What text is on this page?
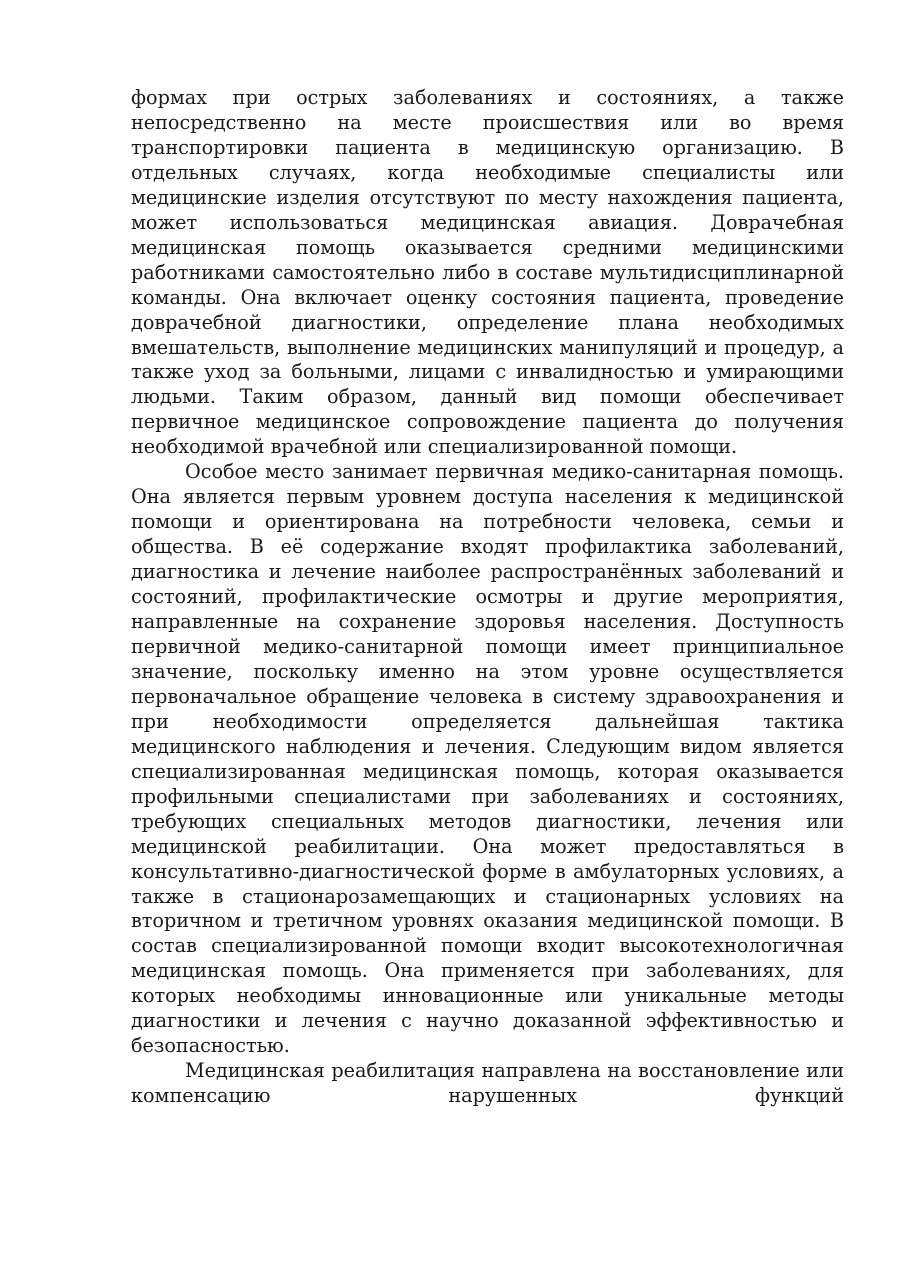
формах при острых заболеваниях и состояниях, а также непосредственно на месте происшествия или во время транспортировки пациента в медицинскую организацию. В отдельных случаях, когда необходимые специалисты или медицинские изделия отсутствуют по месту нахождения пациента, может использоваться медицинская авиация. Доврачебная медицинская помощь оказывается средними медицинскими работниками самостоятельно либо в составе мультидисциплинарной команды. Она включает оценку состояния пациента, проведение доврачебной диагностики, определение плана необходимых вмешательств, выполнение медицинских манипуляций и процедур, а также уход за больными, лицами с инвалидностью и умирающими людьми. Таким образом, данный вид помощи обеспечивает первичное медицинское сопровождение пациента до получения необходимой врачебной или специализированной помощи.

Особое место занимает первичная медико-санитарная помощь. Она является первым уровнем доступа населения к медицинской помощи и ориентирована на потребности человека, семьи и общества. В её содержание входят профилактика заболеваний, диагностика и лечение наиболее распространённых заболеваний и состояний, профилактические осмотры и другие мероприятия, направленные на сохранение здоровья населения. Доступность первичной медико-санитарной помощи имеет принципиальное значение, поскольку именно на этом уровне осуществляется первоначальное обращение человека в систему здравоохранения и при необходимости определяется дальнейшая тактика медицинского наблюдения и лечения. Следующим видом является специализированная медицинская помощь, которая оказывается профильными специалистами при заболеваниях и состояниях, требующих специальных методов диагностики, лечения или медицинской реабилитации. Она может предоставляться в консультативно-диагностической форме в амбулаторных условиях, а также в стационарозамещающих и стационарных условиях на вторичном и третичном уровнях оказания медицинской помощи. В состав специализированной помощи входит высокотехнологичная медицинская помощь. Она применяется при заболеваниях, для которых необходимы инновационные или уникальные методы диагностики и лечения с научно доказанной эффективностью и безопасностью.

Медицинская реабилитация направлена на восстановление или компенсацию нарушенных функций
